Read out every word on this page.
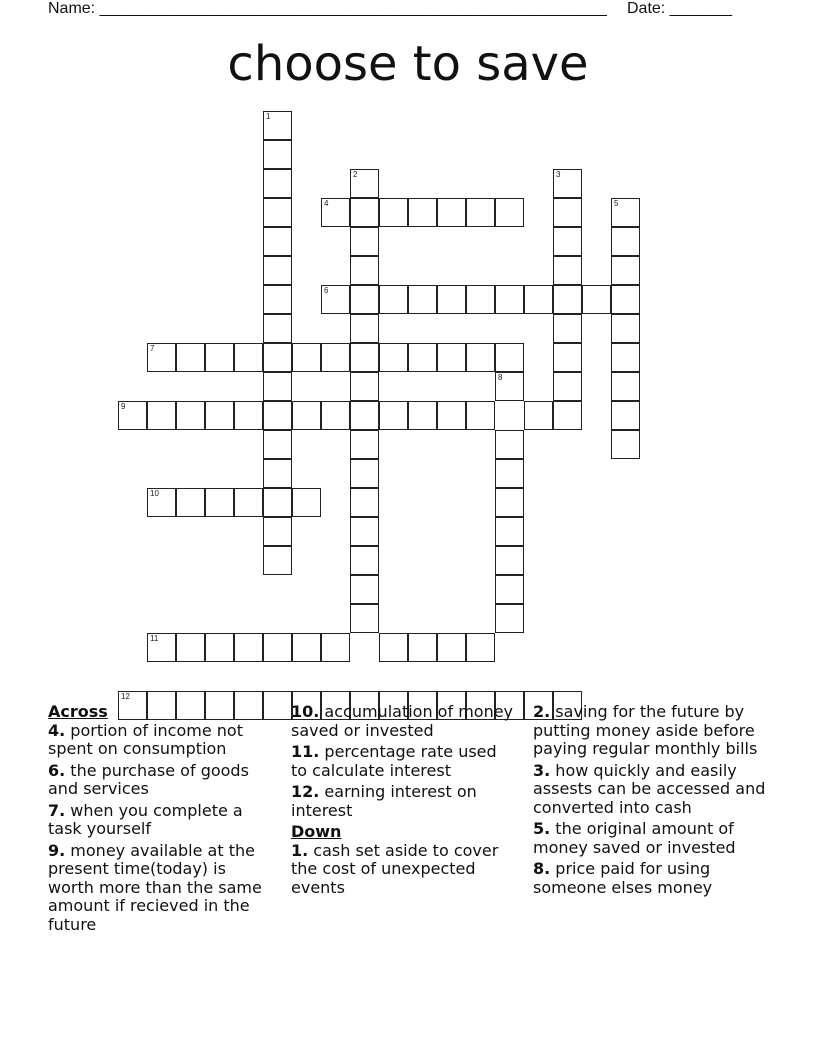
Name: _________________________________________________________ Date: _______
choose to save
1
2	3
5
4
6
7
8
9
10
11
12
Across

4. portion of income not spent on consumption

6. the purchase of goods and services

7. when you complete a task yourself

9. money available at the present time(today) is worth more than the same amount if recieved in the future

10. accumulation of money saved or invested

11. percentage rate used to calculate interest

12. earning interest on interest

Down

1. cash set aside to cover the cost of unexpected events

2. saving for the future by putting money aside before paying regular monthly bills

3. how quickly and easily assests can be accessed and converted into cash

5. the original amount of money saved or invested

8. price paid for using someone elses money
